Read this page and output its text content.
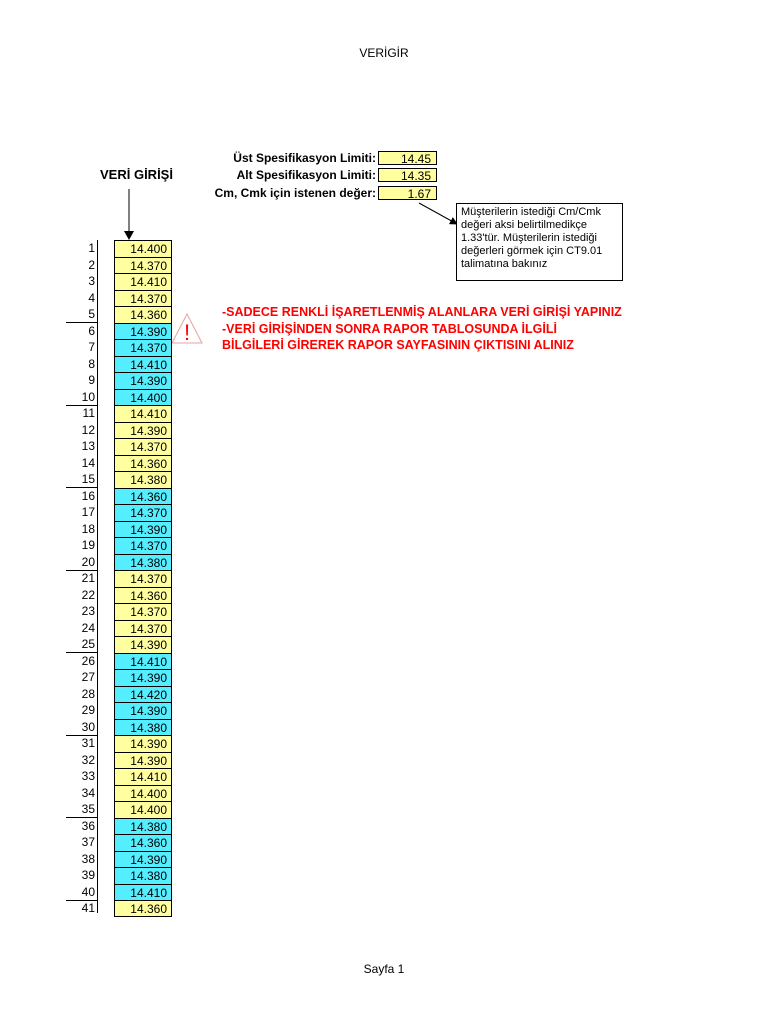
VERİGİR
Üst Spesifikasyon Limiti:	14.45
Alt Spesifikasyon Limiti:	14.35
Cm, Cmk için istenen değer:	1.67
Müşterilerin istediği Cm/Cmk
değeri aksi belirtilmedikçe
1.33'tür. Müşterilerin istediği
değerleri görmek için CT9.01
talimatına bakınız
VERİ GİRİŞİ
!
-SADECE RENKLİ İŞARETLENMİŞ ALANLARA VERİ GİRİŞİ YAPINIZ
-VERİ GİRİŞİNDEN SONRA RAPOR TABLOSUNDA İLGİLİ
BİLGİLERİ GİREREK RAPOR SAYFASININ ÇIKTISINI ALINIZ
1	14.400
2	14.370
3	14.410
4	14.370
5	14.360
6	14.390
7	14.370
8	14.410
9	14.390
10	14.400
11	14.410
12	14.390
13	14.370
14	14.360
15	14.380
16	14.360
17	14.370
18	14.390
19	14.370
20	14.380
21	14.370
22	14.360
23	14.370
24	14.370
25	14.390
26	14.410
27	14.390
28	14.420
29	14.390
30	14.380
31	14.390
32	14.390
33	14.410
34	14.400
35	14.400
36	14.380
37	14.360
38	14.390
39	14.380
40	14.410
41	14.360
Sayfa 1
